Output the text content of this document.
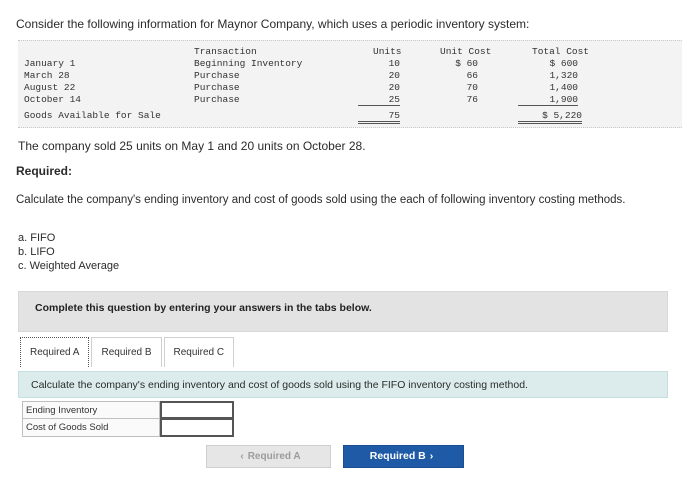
Consider the following information for Maynor Company, which uses a periodic inventory system:
Transaction	Units	Unit Cost	Total Cost
January 1	Beginning Inventory	10	$ 60	$ 600
March 28	Purchase	20	66	1,320
August 22	Purchase	20	70	1,400
October 14	Purchase	25	76	1,900
Goods Available for Sale	75	$ 5,220
The company sold 25 units on May 1 and 20 units on October 28.
Required:
Calculate the company's ending inventory and cost of goods sold using the each of following inventory costing methods.
a. FIFO
b. LIFO
c. Weighted Average
Complete this question by entering your answers in the tabs below.
Required A	Required B	Required C
Calculate the company's ending inventory and cost of goods sold using the FIFO inventory costing method.
Ending Inventory
Cost of Goods Sold
‹ Required A	Required B ›
